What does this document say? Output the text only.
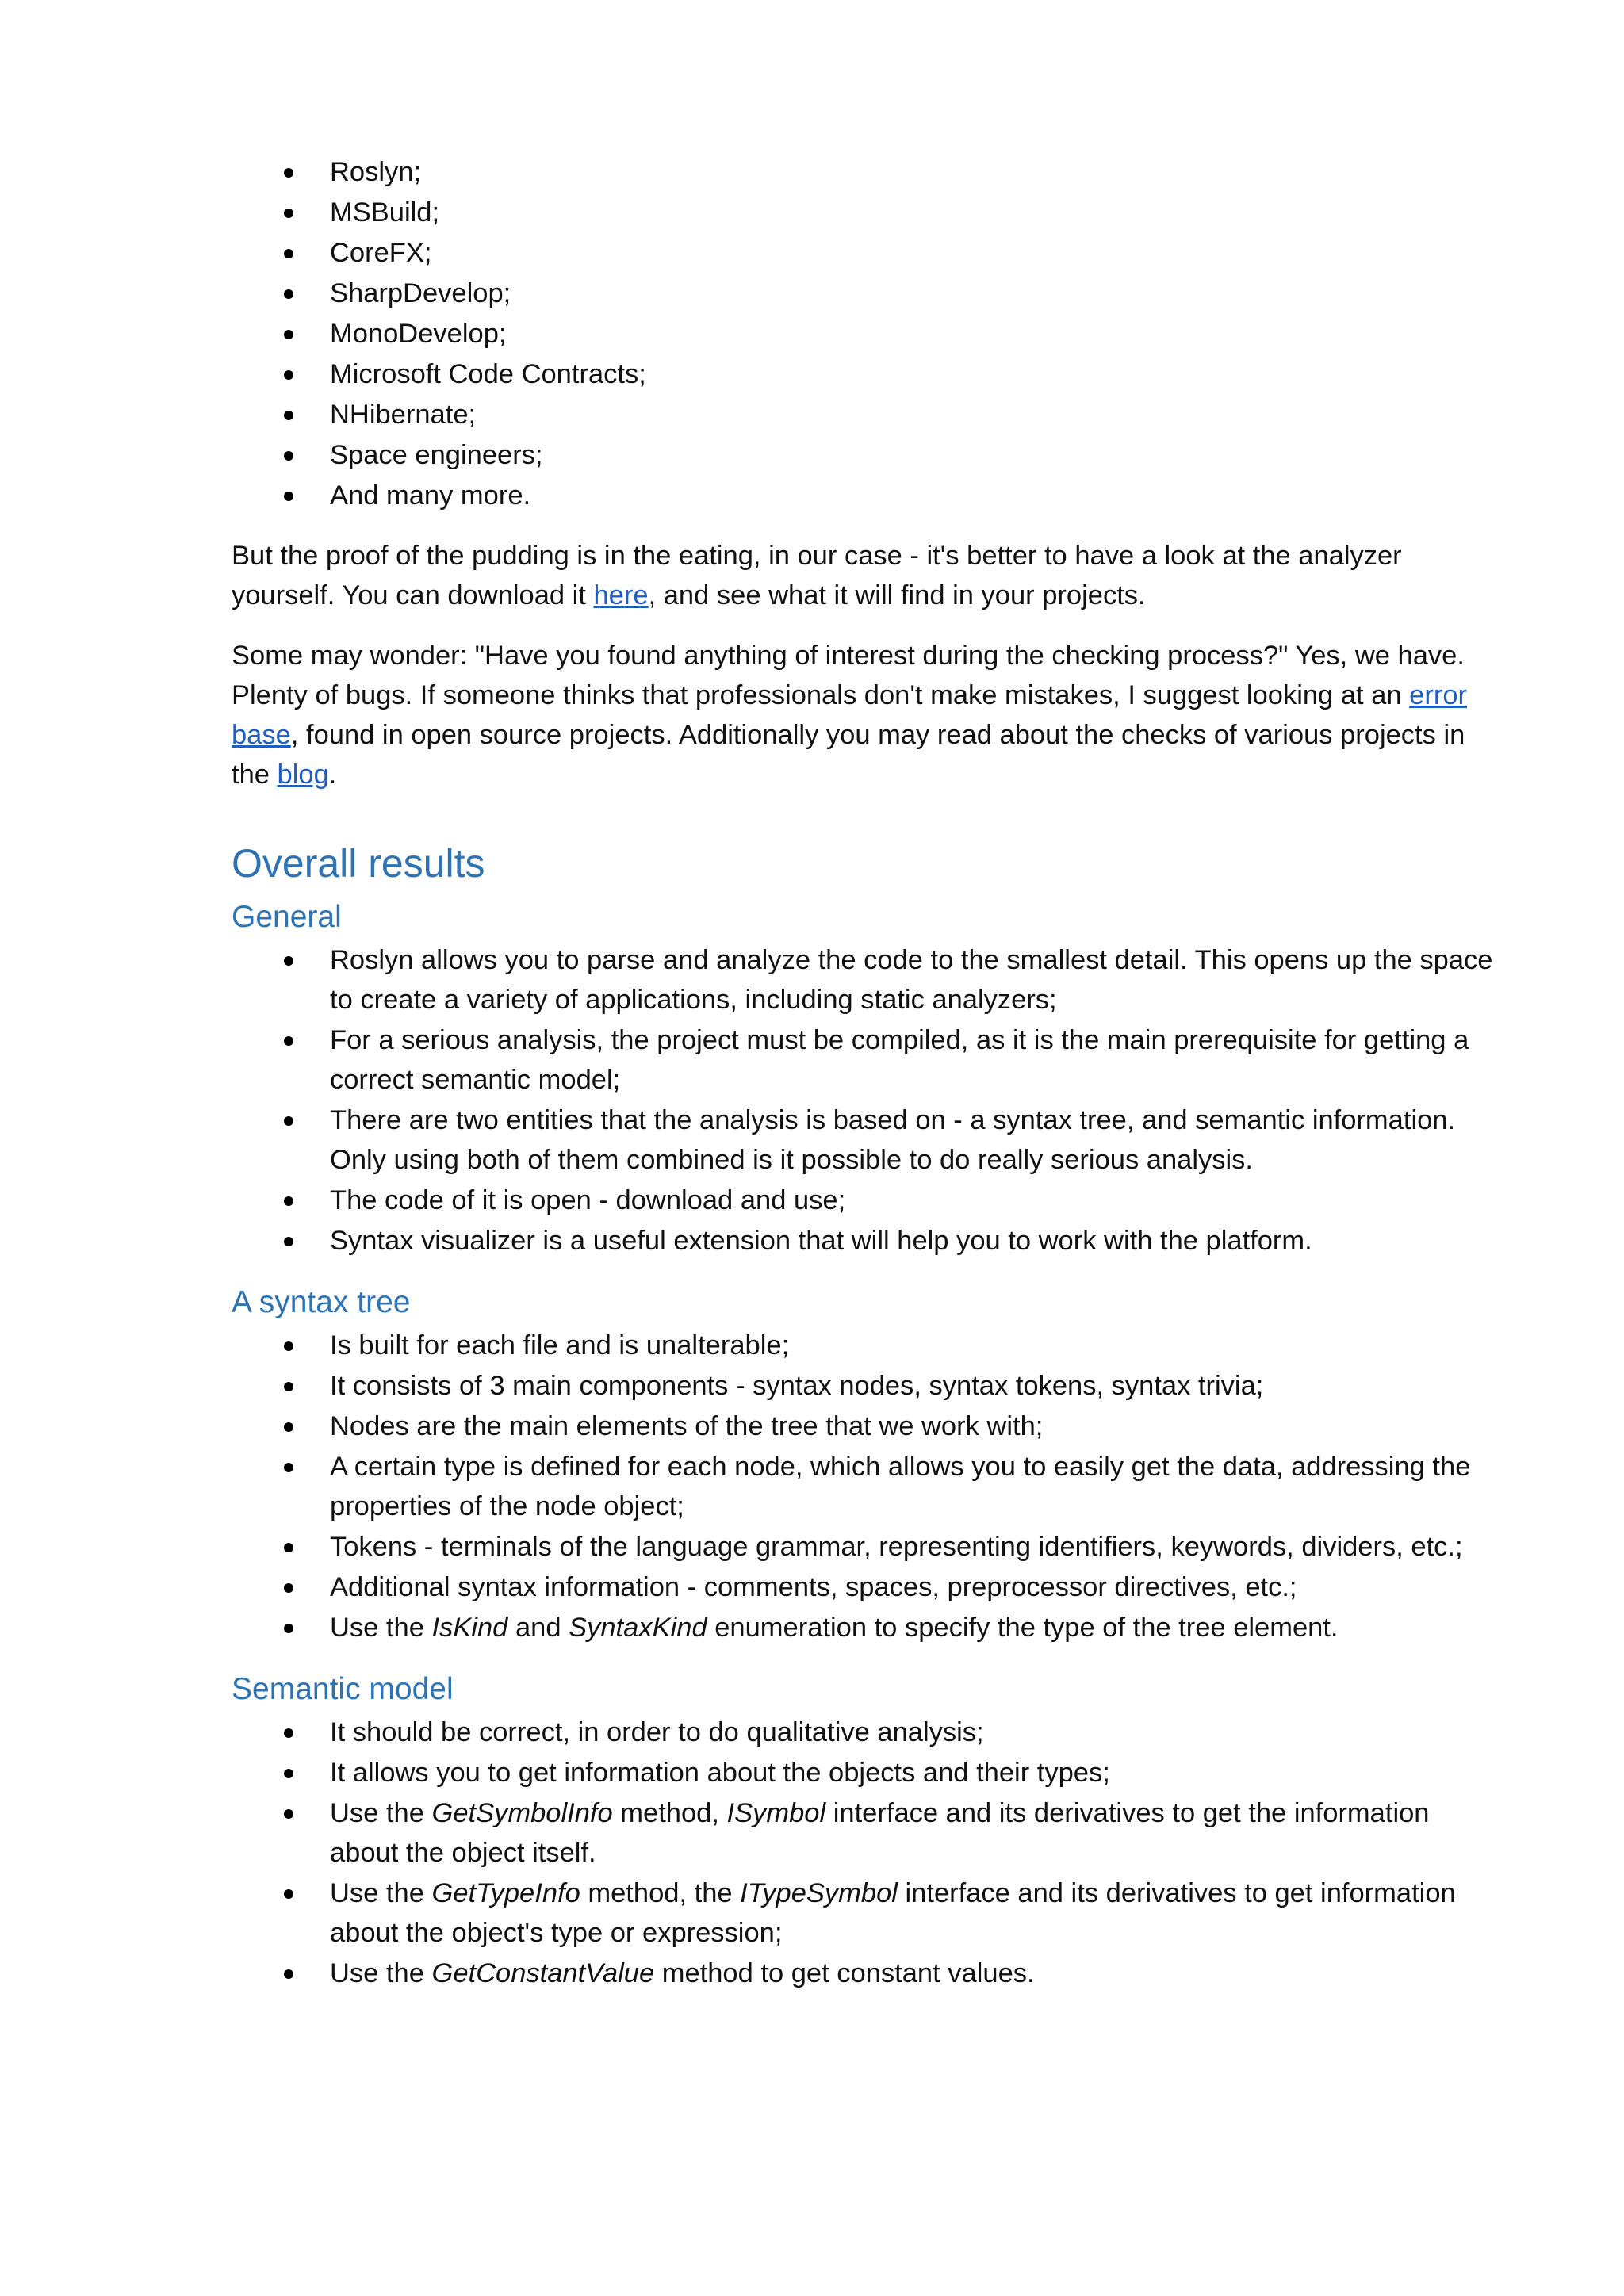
Roslyn;
MSBuild;
CoreFX;
SharpDevelop;
MonoDevelop;
Microsoft Code Contracts;
NHibernate;
Space engineers;
And many more.

But the proof of the pudding is in the eating, in our case - it's better to have a look at the analyzer yourself. You can download it here, and see what it will find in your projects.

Some may wonder: "Have you found anything of interest during the checking process?" Yes, we have. Plenty of bugs. If someone thinks that professionals don't make mistakes, I suggest looking at an error base, found in open source projects. Additionally you may read about the checks of various projects in the blog.

Overall results
General
Roslyn allows you to parse and analyze the code to the smallest detail. This opens up the space to create a variety of applications, including static analyzers;
For a serious analysis, the project must be compiled, as it is the main prerequisite for getting a correct semantic model;
There are two entities that the analysis is based on - a syntax tree, and semantic information. Only using both of them combined is it possible to do really serious analysis.
The code of it is open - download and use;
Syntax visualizer is a useful extension that will help you to work with the platform.
A syntax tree
Is built for each file and is unalterable;
It consists of 3 main components - syntax nodes, syntax tokens, syntax trivia;
Nodes are the main elements of the tree that we work with;
A certain type is defined for each node, which allows you to easily get the data, addressing the properties of the node object;
Tokens - terminals of the language grammar, representing identifiers, keywords, dividers, etc.;
Additional syntax information - comments, spaces, preprocessor directives, etc.;
Use the IsKind and SyntaxKind enumeration to specify the type of the tree element.
Semantic model
It should be correct, in order to do qualitative analysis;
It allows you to get information about the objects and their types;
Use the GetSymbolInfo method, ISymbol interface and its derivatives to get the information about the object itself.
Use the GetTypeInfo method, the ITypeSymbol interface and its derivatives to get information about the object's type or expression;
Use the GetConstantValue method to get constant values.
